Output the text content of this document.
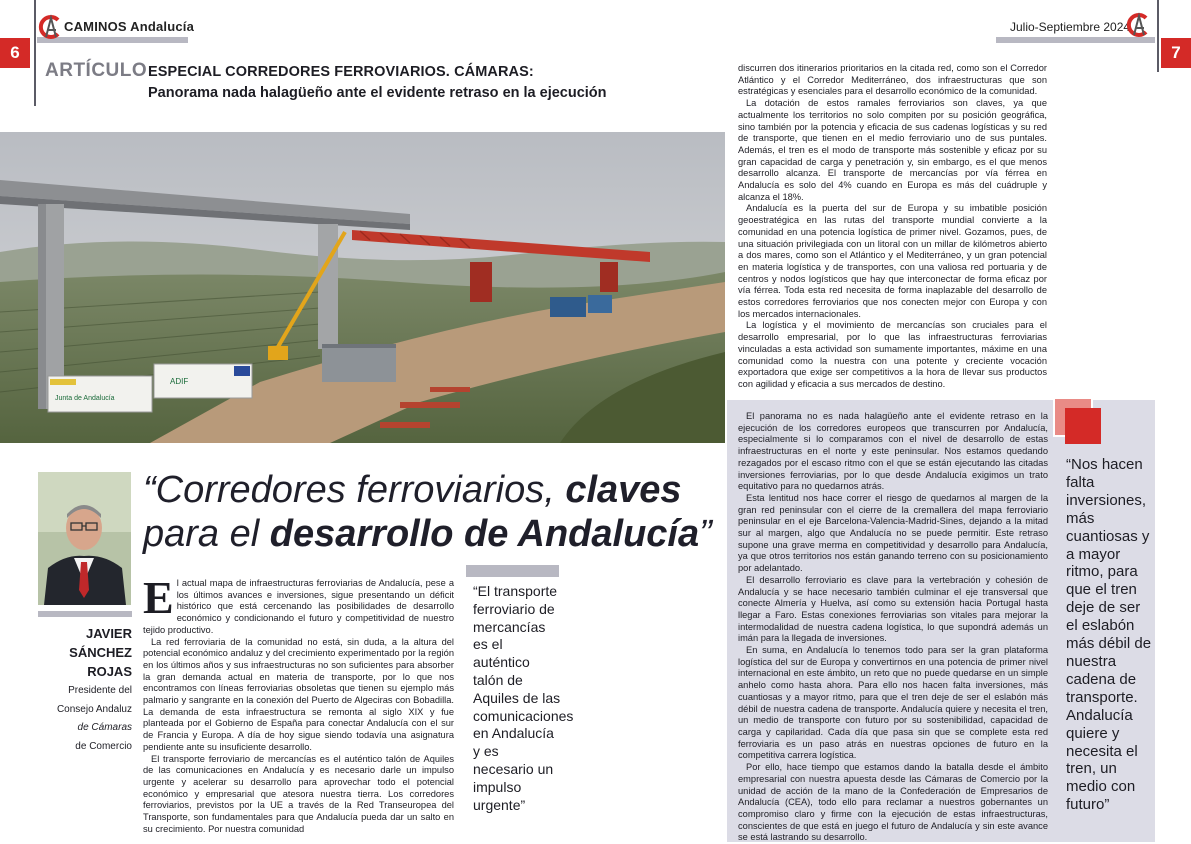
6	7
CAMINOS Andalucía	Julio-Septiembre 2024
ARTÍCULO ESPECIAL CORREDORES FERROVIARIOS. CÁMARAS:
Panorama nada halagüeño ante el evidente retraso en la ejecución
Junta de Andalucía
ADIF
“Corredores ferroviarios, claves
para el desarrollo de Andalucía”
JAVIER
SÁNCHEZ
ROJAS
Presidente del
Consejo Andaluz
de Cámaras
de Comercio

El actual mapa de infraestructuras ferroviarias de Andalucía, pese a los últimos avances e inversiones, sigue presentando un déficit histórico que está cercenando las posibilidades de desarrollo económico y condicionando el futuro y competitividad de nuestro tejido productivo.

La red ferroviaria de la comunidad no está, sin duda, a la altura del potencial económico andaluz y del crecimiento experimentado por la región en los últimos años y sus infraestructuras no son suficientes para absorber la gran demanda actual en materia de transporte, por lo que nos encontramos con líneas ferroviarias obsoletas que tienen su ejemplo más palmario y sangrante en la conexión del Puerto de Algeciras con Bobadilla. La demanda de esta infraestructura se remonta al siglo XIX y fue planteada por el Gobierno de España para conectar Andalucía con el sur de Francia y Europa. A día de hoy sigue siendo todavía una asignatura pendiente ante su insuficiente desarrollo.

El transporte ferroviario de mercancías es el auténtico talón de Aquiles de las comunicaciones en Andalucía y es necesario darle un impulso urgente y acelerar su desarrollo para aprovechar todo el potencial económico y empresarial que atesora nuestra tierra. Los corredores ferroviarios, previstos por la UE a través de la Red Transeuropea del Transporte, son fundamentales para que Andalucía pueda dar un salto en su crecimiento. Por nuestra comunidad

“El transporte ferroviario de mercancías es el auténtico talón de Aquiles de las comunicaciones en Andalucía y es necesario un impulso urgente”

discurren dos itinerarios prioritarios en la citada red, como son el Corredor Atlántico y el Corredor Mediterráneo, dos infraestructuras que son estratégicas y esenciales para el desarrollo económico de la comunidad.

La dotación de estos ramales ferroviarios son claves, ya que actualmente los territorios no solo compiten por su posición geográfica, sino también por la potencia y eficacia de sus cadenas logísticas y su red de transporte, que tienen en el medio ferroviario uno de sus puntales. Además, el tren es el modo de transporte más sostenible y eficaz por su gran capacidad de carga y penetración y, sin embargo, es el que menos desarrollo alcanza. El transporte de mercancías por vía férrea en Andalucía es solo del 4% cuando en Europa es más del cuádruple y alcanza el 18%.

Andalucía es la puerta del sur de Europa y su imbatible posición geoestratégica en las rutas del transporte mundial convierte a la comunidad en una potencia logística de primer nivel. Gozamos, pues, de una situación privilegiada con un litoral con un millar de kilómetros abierto a dos mares, como son el Atlántico y el Mediterráneo, y un gran potencial en materia logística y de transportes, con una valiosa red portuaria y de centros y nodos logísticos que hay que interconectar de forma eficaz por vía férrea. Toda esta red necesita de forma inaplazable del desarrollo de estos corredores ferroviarios que nos conecten mejor con Europa y con los mercados internacionales.

La logística y el movimiento de mercancías son cruciales para el desarrollo empresarial, por lo que las infraestructuras ferroviarias vinculadas a esta actividad son sumamente importantes, máxime en una comunidad como la nuestra con una potente y creciente vocación exportadora que exige ser competitivos a la hora de llevar sus productos con agilidad y eficacia a sus mercados de destino.

El panorama no es nada halagüeño ante el evidente retraso en la ejecución de los corredores europeos que transcurren por Andalucía, especialmente si lo comparamos con el nivel de desarrollo de estas infraestructuras en el norte y este peninsular. Nos estamos quedando rezagados por el escaso ritmo con el que se están ejecutando las citadas inversiones ferroviarias, por lo que desde Andalucía exigimos un trato equitativo para no quedarnos atrás.

Esta lentitud nos hace correr el riesgo de quedarnos al margen de la gran red peninsular con el cierre de la cremallera del mapa ferroviario peninsular en el eje Barcelona-Valencia-Madrid-Sines, dejando a la mitad sur al margen, algo que Andalucía no se puede permitir. Este retraso supone una grave merma en competitividad y desarrollo para Andalucía, ya que otros territorios nos están ganando terreno con su posicionamiento por adelantado.

El desarrollo ferroviario es clave para la vertebración y cohesión de Andalucía y se hace necesario también culminar el eje transversal que conecte Almería y Huelva, así como su extensión hacia Portugal hasta llegar a Faro. Estas conexiones ferroviarias son vitales para mejorar la intermodalidad de nuestra cadena logística, lo que supondrá además un imán para la llegada de inversiones.

En suma, en Andalucía lo tenemos todo para ser la gran plataforma logística del sur de Europa y convertirnos en una potencia de primer nivel internacional en este ámbito, un reto que no puede quedarse en un simple anhelo como hasta ahora. Para ello nos hacen falta inversiones, más cuantiosas y a mayor ritmo, para que el tren deje de ser el eslabón más débil de nuestra cadena de transporte. Andalucía quiere y necesita el tren, un medio de transporte con futuro por su sostenibilidad, capacidad de carga y capilaridad. Cada día que pasa sin que se complete esta red ferroviaria es un paso atrás en nuestras opciones de futuro en la competitiva carrera logística.

Por ello, hace tiempo que estamos dando la batalla desde el ámbito empresarial con nuestra apuesta desde las Cámaras de Comercio por la unidad de acción de la mano de la Confederación de Empresarios de Andalucía (CEA), todo ello para reclamar a nuestros gobernantes un compromiso claro y firme con la ejecución de estas infraestructuras, conscientes de que está en juego el futuro de Andalucía y sin este avance se está lastrando su desarrollo.

“Nos hacen falta inversiones, más cuantiosas y a mayor ritmo, para que el tren deje de ser el eslabón más débil de nuestra cadena de transporte. Andalucía quiere y necesita el tren, un medio con futuro”
